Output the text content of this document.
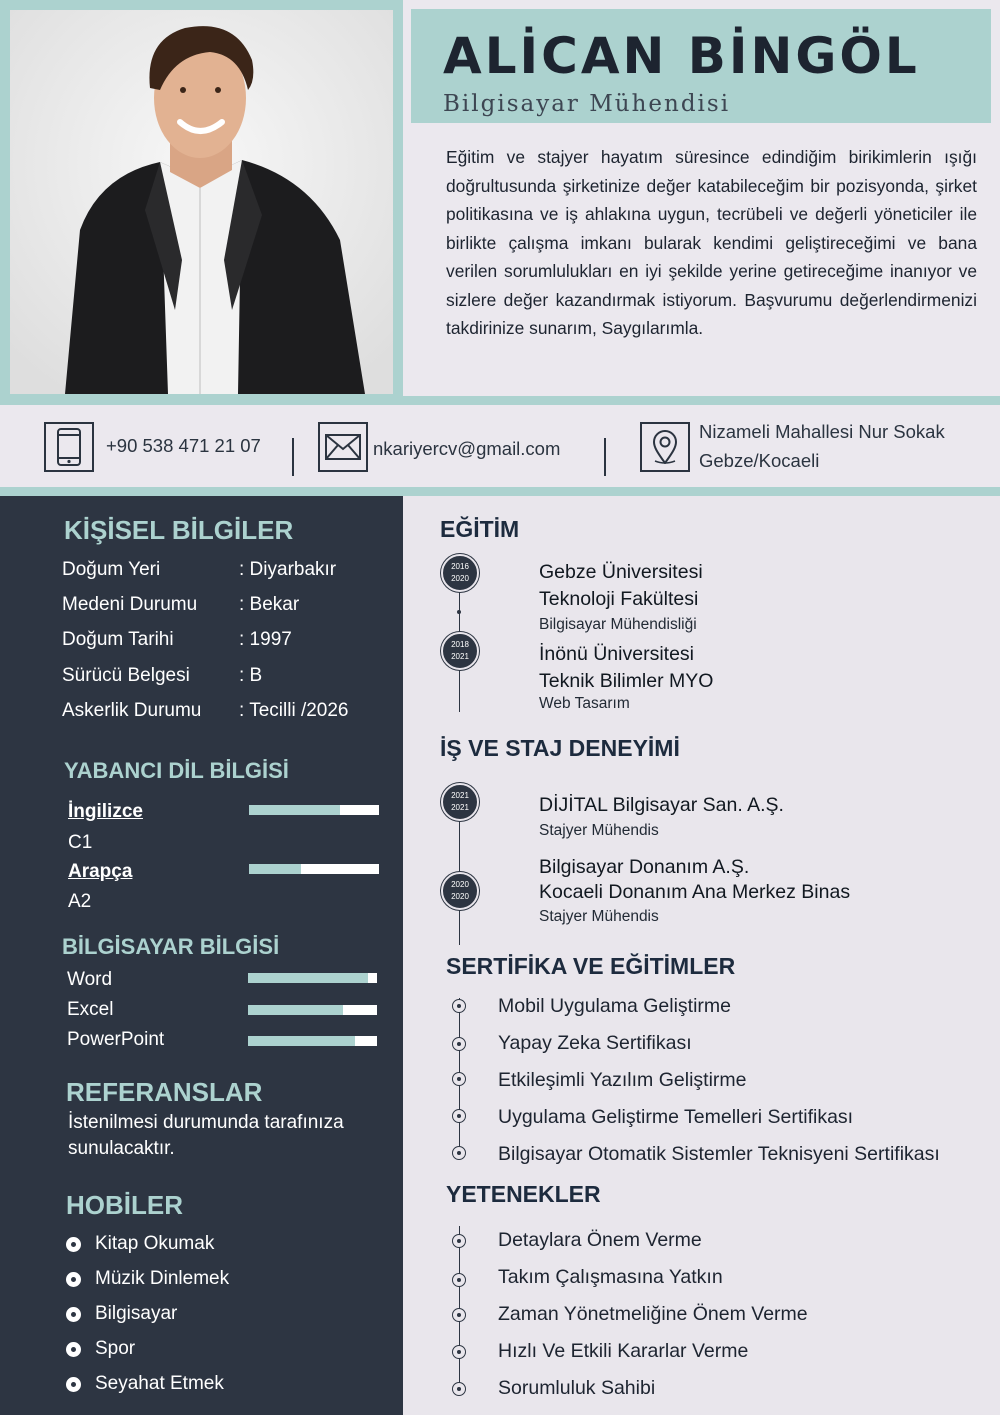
ALİCAN BİNGÖL
Bilgisayar Mühendisi
Eğitim ve stajyer hayatım süresince edindiğim birikimlerin ışığı doğrultusunda şirketinize değer katabileceğim bir pozisyonda, şirket politikasına ve iş ahlakına uygun, tecrübeli ve değerli yöneticiler ile birlikte çalışma imkanı bularak kendimi geliştireceğimi ve bana verilen sorumlulukları en iyi şekilde yerine getireceğime inanıyor ve sizlere değer kazandırmak istiyorum. Başvurumu değerlendirmenizi takdirinize sunarım, Saygılarımla.
+90 538 471 21 07	nkariyercv@gmail.com
Nizameli Mahallesi Nur Sokak
Gebze/Kocaeli
KİŞİSEL BİLGİLER
Doğum Yeri	: Diyarbakır
Medeni Durumu : Bekar
Doğum Tarihi	: 1997
Sürücü Belgesi	: B
Askerlik Durumu : Tecilli /2026
YABANCI DİL BİLGİSİ
İngilizce
C1
Arapça
A2
BİLGİSAYAR BİLGİSİ
Word
Excel
PowerPoint
REFERANSLAR
İstenilmesi durumunda tarafınıza sunulacaktır.
HOBİLER
Kitap Okumak
Müzik Dinlemek
Bilgisayar
Spor
Seyahat Etmek
EĞİTİM
2016
2020	Gebze Üniversitesi
Teknoloji Fakültesi
Bilgisayar Mühendisliği
2018
2021	İnönü Üniversitesi
Teknik Bilimler MYO
Web Tasarım
İŞ VE STAJ DENEYİMİ
2021
2021	DİJİTAL Bilgisayar San. A.Ş.
Stajyer Mühendis
2020
2020
Bilgisayar Donanım A.Ş.
Kocaeli Donanım Ana Merkez Binas
Stajyer Mühendis
SERTİFİKA VE EĞİTİMLER
Mobil Uygulama Geliştirme
Yapay Zeka Sertifikası
Etkileşimli Yazılım Geliştirme
Uygulama Geliştirme Temelleri Sertifikası
Bilgisayar Otomatik Sistemler Teknisyeni Sertifikası
YETENEKLER
Detaylara Önem Verme
Takım Çalışmasına Yatkın
Zaman Yönetmeliğine Önem Verme
Hızlı Ve Etkili Kararlar Verme
Sorumluluk Sahibi
